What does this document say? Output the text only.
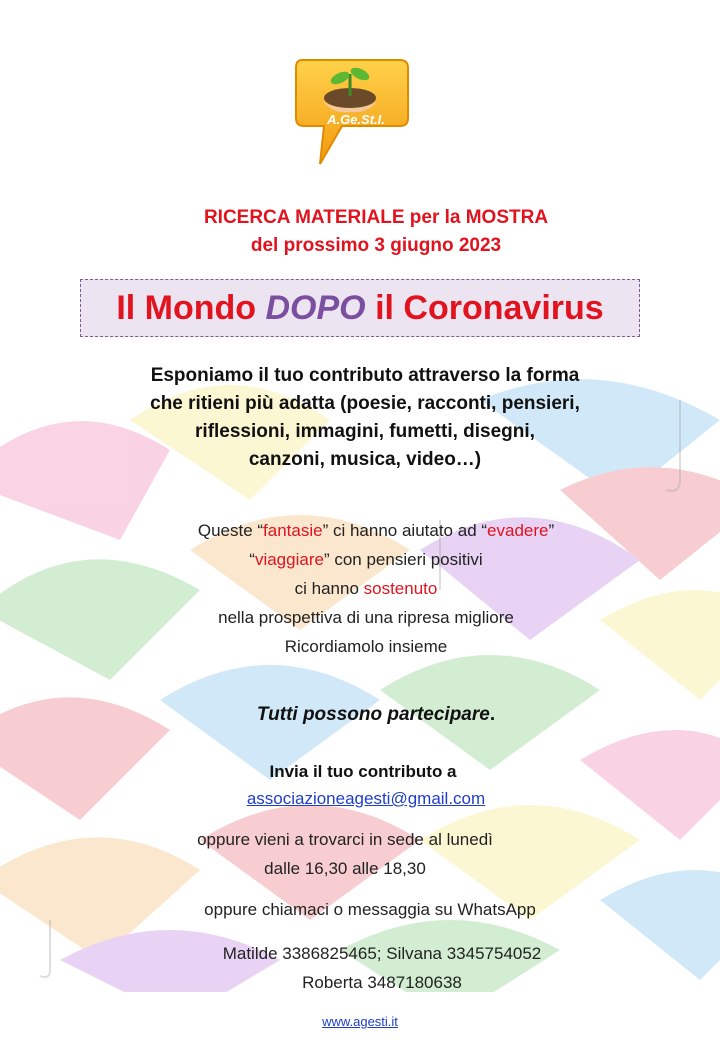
A.Ge.St.I.
RICERCA MATERIALE per la MOSTRA
del prossimo 3 giugno 2023
Il Mondo DOPO il Coronavirus
Esponiamo il tuo contributo attraverso la forma
che ritieni più adatta (poesie, racconti, pensieri,
riflessioni, immagini, fumetti, disegni,
canzoni, musica, video…)
Queste “fantasie” ci hanno aiutato ad “evadere”
“viaggiare” con pensieri positivi
ci hanno sostenuto
nella prospettiva di una ripresa migliore
Ricordiamolo insieme
Tutti possono partecipare.
Invia il tuo contributo a
associazioneagesti@gmail.com
oppure vieni a trovarci in sede al lunedì
dalle 16,30 alle 18,30
oppure chiamaci o messaggia su WhatsApp
Matilde 3386825465; Silvana 3345754052
Roberta 3487180638
www.agesti.it
